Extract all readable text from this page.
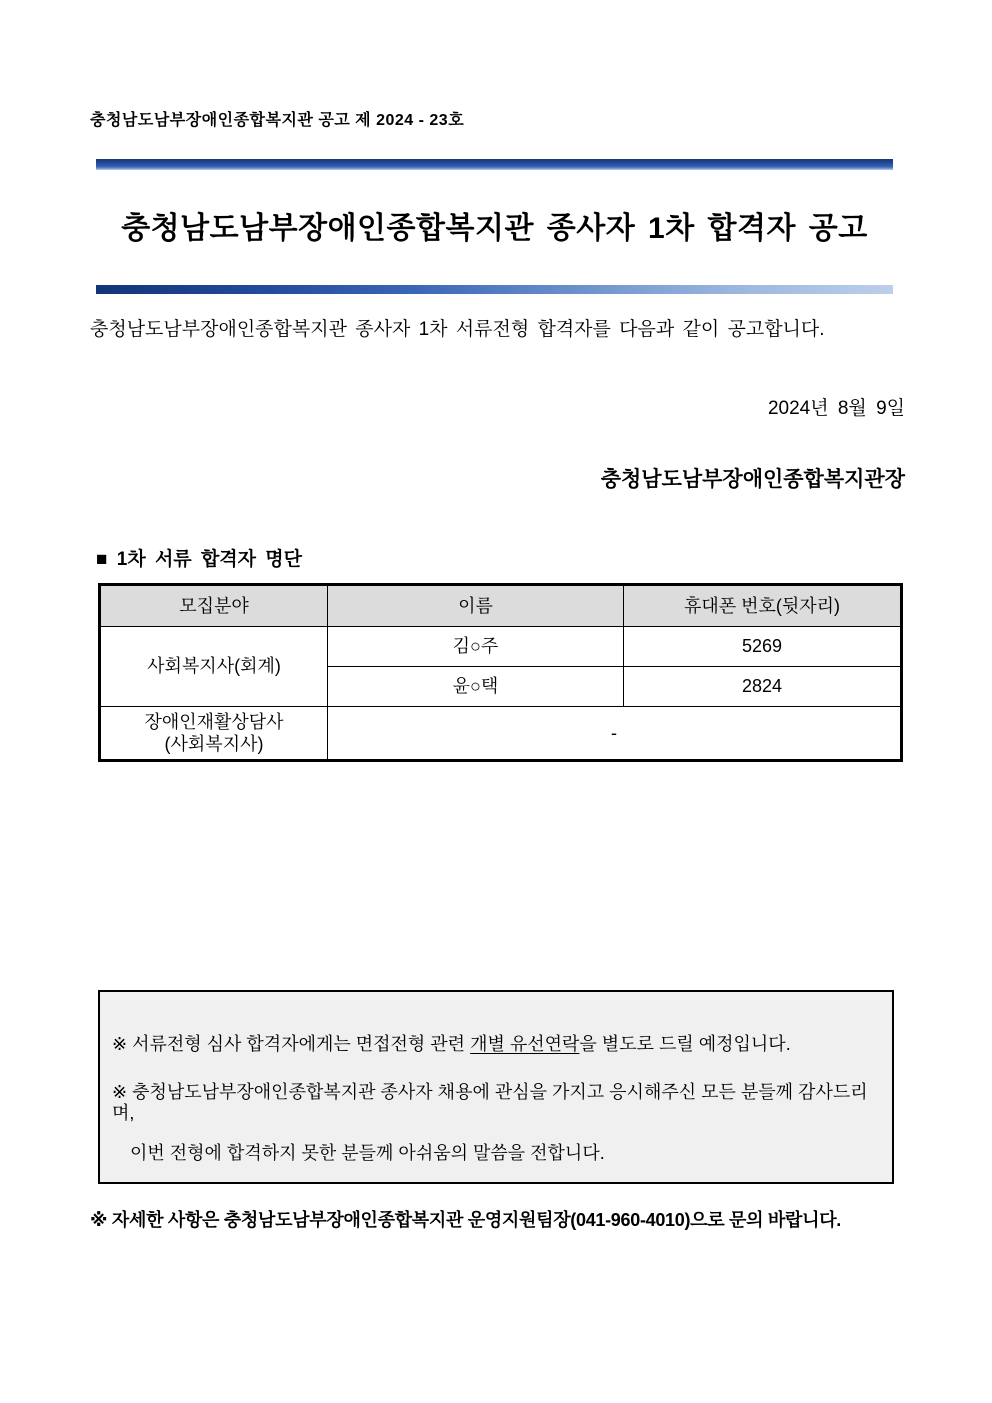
충청남도남부장애인종합복지관 공고 제 2024 - 23호
충청남도남부장애인종합복지관 종사자 1차 합격자 공고

충청남도남부장애인종합복지관 종사자 1차 서류전형 합격자를 다음과 같이 공고합니다.

2024년 8월 9일
충청남도남부장애인종합복지관장
■ 1차 서류 합격자 명단
모집분야	이름	휴대폰 번호(뒷자리)
사회복지사(회계)	김○주	5269
	윤○택	2824
장애인재활상담사
(사회복지사)	-	

※ 서류전형 심사 합격자에게는 면접전형 관련 개별 유선연락을 별도로 드릴 예정입니다.

※ 충청남도남부장애인종합복지관 종사자 채용에 관심을 가지고 응시해주신 모든 분들께 감사드리며,

이번 전형에 합격하지 못한 분들께 아쉬움의 말씀을 전합니다.

※ 자세한 사항은 충청남도남부장애인종합복지관 운영지원팀장(041-960-4010)으로 문의 바랍니다.
